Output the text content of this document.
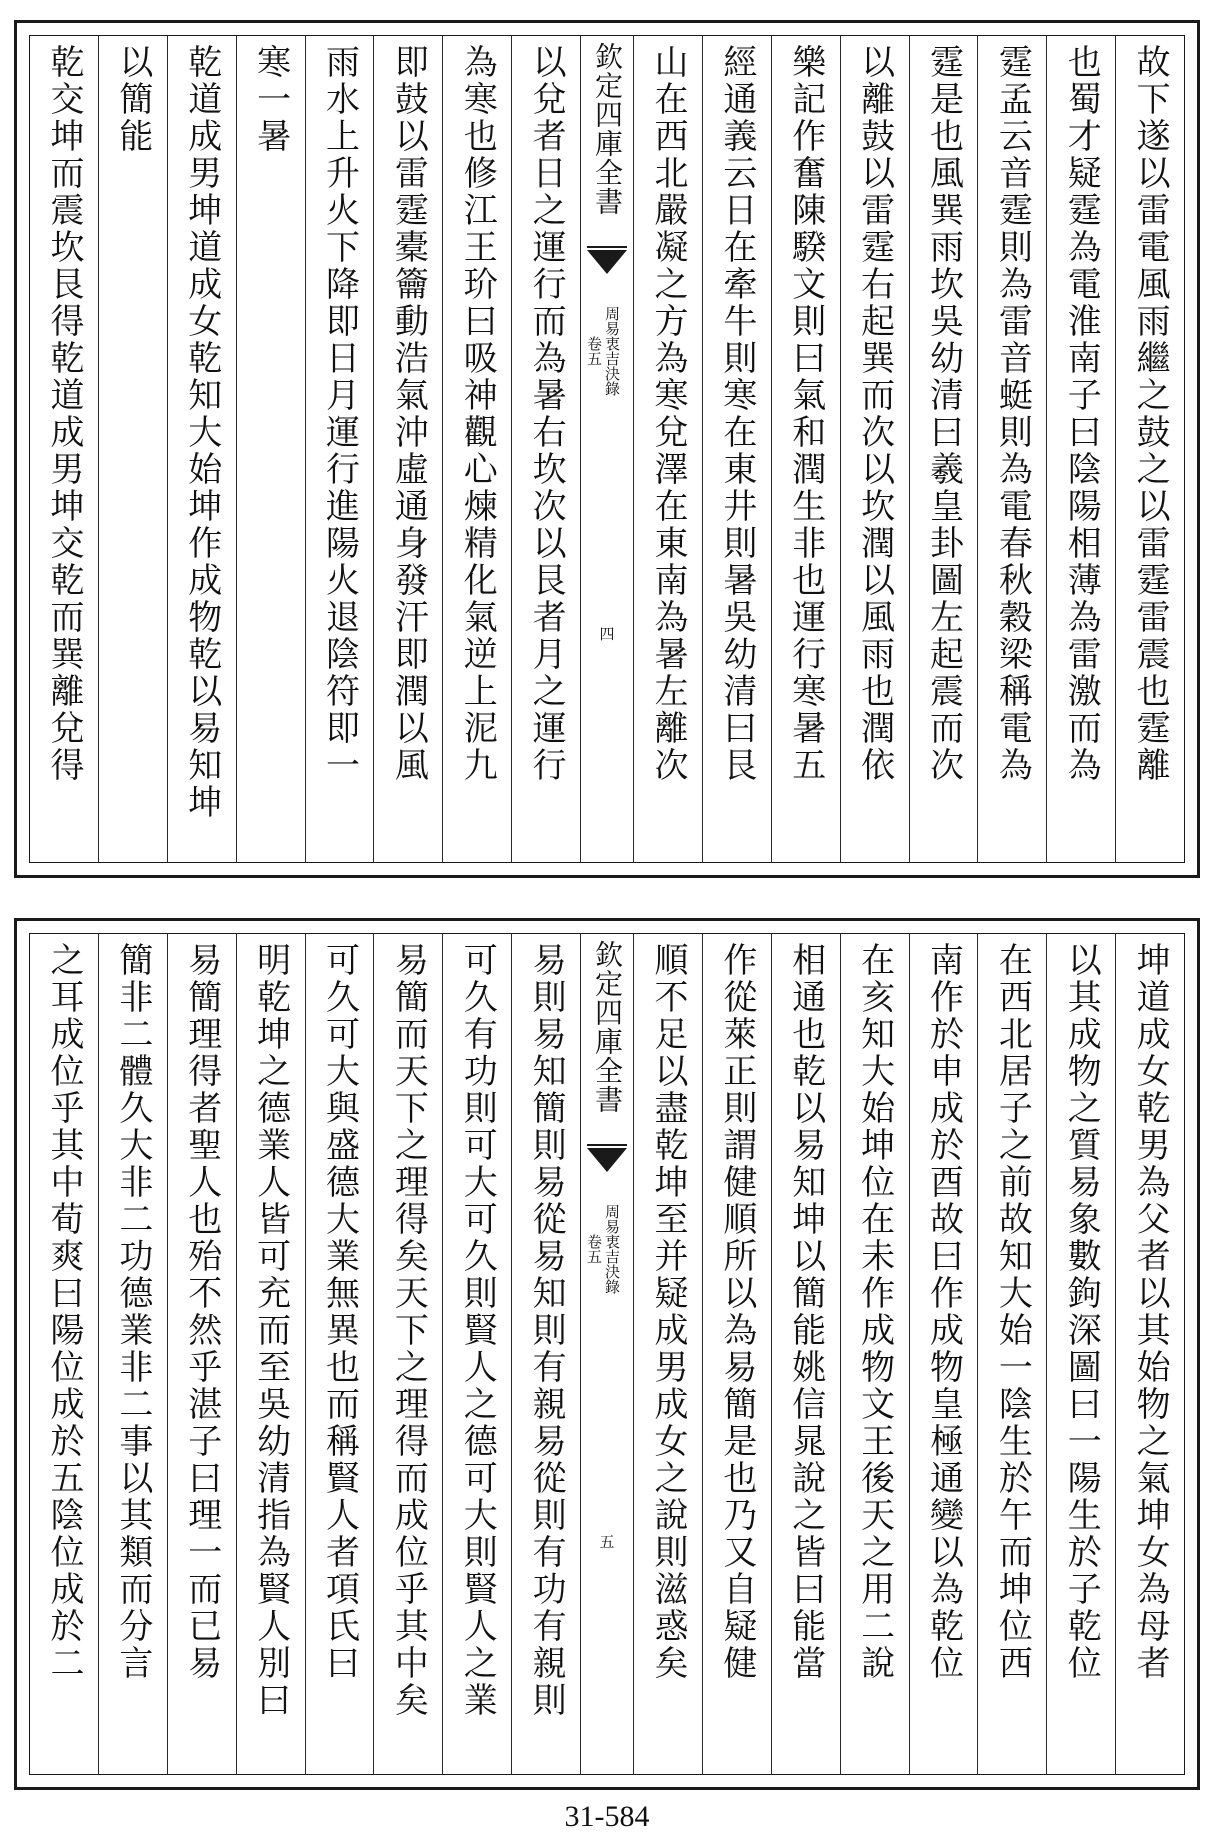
故下遂以雷電風雨繼之鼓之以雷霆雷震也霆離
也蜀才疑霆為電淮南子曰陰陽相薄為雷激而為
霆孟云音霆則為雷音蜓則為電春秋穀梁稱電為
霆是也風巽雨坎吳幼清曰羲皇卦圖左起震而次
以離鼓以雷霆右起巽而次以坎潤以風雨也潤依
樂記作奮陳騤文則曰氣和潤生非也運行寒暑五
經通義云日在牽牛則寒在東井則暑吳幼清曰艮
山在西北嚴凝之方為寒兌澤在東南為暑左離次
欽定四庫全書
周易衷吉決錄
卷五
四
以兌者日之運行而為暑右坎次以艮者月之運行
為寒也修江王玠曰吸神觀心煉精化氣逆上泥九
即鼓以雷霆橐籥動浩氣沖虛通身發汗即潤以風
雨水上升火下降即日月運行進陽火退陰符即一
寒一暑
乾道成男坤道成女乾知大始坤作成物乾以易知坤
以簡能
乾交坤而震坎艮得乾道成男坤交乾而巽離兌得
坤道成女乾男為父者以其始物之氣坤女為母者
以其成物之質易象數鉤深圖曰一陽生於子乾位
在西北居子之前故知大始一陰生於午而坤位西
南作於申成於酉故曰作成物皇極通變以為乾位
在亥知大始坤位在未作成物文王後天之用二說
相通也乾以易知坤以簡能姚信晁說之皆曰能當
作從萊正則謂健順所以為易簡是也乃又自疑健
順不足以盡乾坤至并疑成男成女之說則滋惑矣
欽定四庫全書
周易衷吉決錄
卷五
五
易則易知簡則易從易知則有親易從則有功有親則
可久有功則可大可久則賢人之德可大則賢人之業
易簡而天下之理得矣天下之理得而成位乎其中矣
可久可大與盛德大業無異也而稱賢人者項氏曰
明乾坤之德業人皆可充而至吳幼清指為賢人別曰
易簡理得者聖人也殆不然乎湛子曰理一而已易
簡非二體久大非二功德業非二事以其類而分言
之耳成位乎其中荀爽曰陽位成於五陰位成於二
31-584
